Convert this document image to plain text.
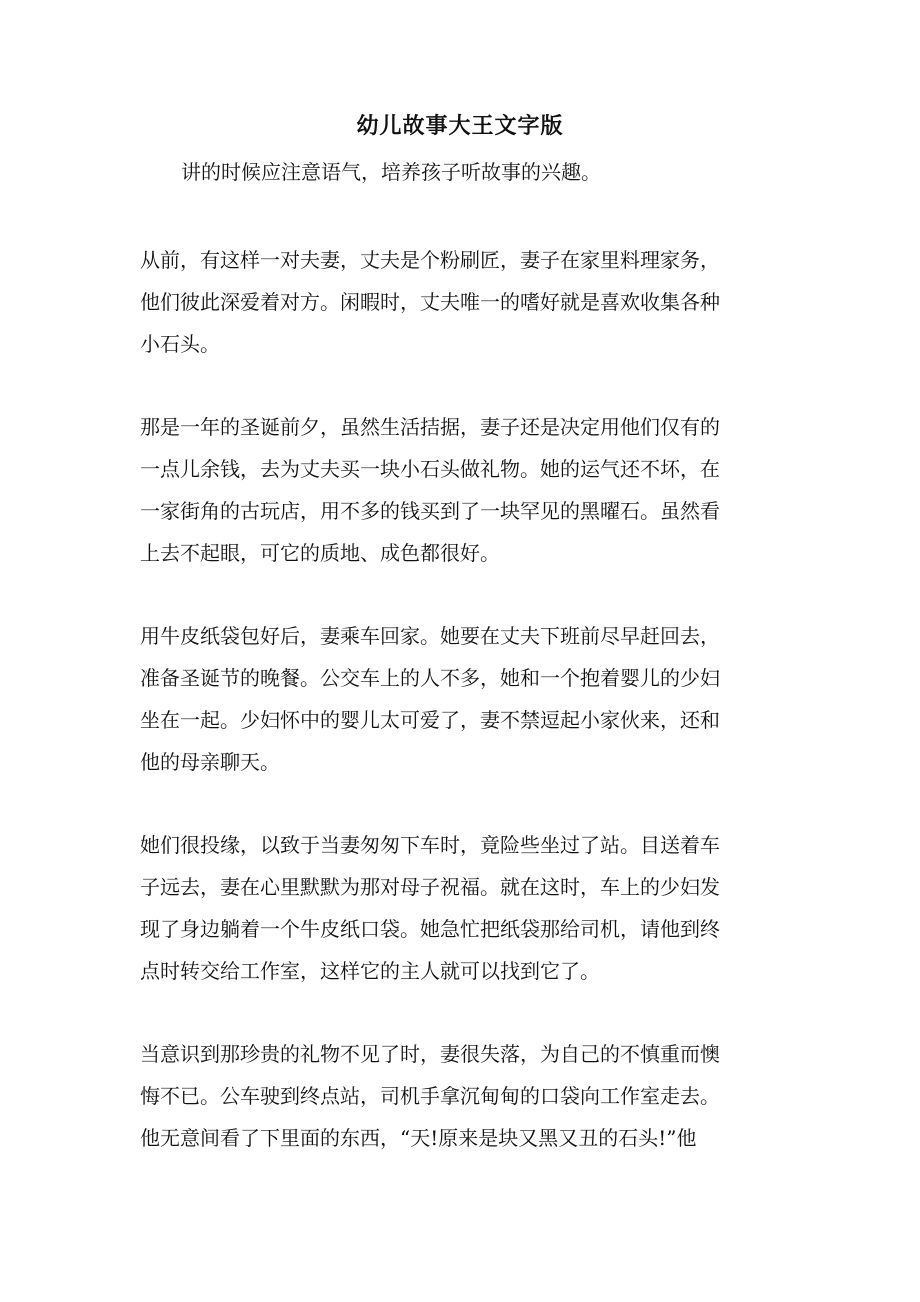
幼儿故事大王文字版
讲的时候应注意语气，培养孩子听故事的兴趣。
从前，有这样一对夫妻，丈夫是个粉刷匠，妻子在家里料理家务，
他们彼此深爱着对方。闲暇时，丈夫唯一的嗜好就是喜欢收集各种
小石头。
那是一年的圣诞前夕，虽然生活拮据，妻子还是决定用他们仅有的
一点儿余钱，去为丈夫买一块小石头做礼物。她的运气还不坏，在
一家街角的古玩店，用不多的钱买到了一块罕见的黑曜石。虽然看
上去不起眼，可它的质地、成色都很好。
用牛皮纸袋包好后，妻乘车回家。她要在丈夫下班前尽早赶回去，
准备圣诞节的晚餐。公交车上的人不多，她和一个抱着婴儿的少妇
坐在一起。少妇怀中的婴儿太可爱了，妻不禁逗起小家伙来，还和
他的母亲聊天。
她们很投缘，以致于当妻匆匆下车时，竟险些坐过了站。目送着车
子远去，妻在心里默默为那对母子祝福。就在这时，车上的少妇发
现了身边躺着一个牛皮纸口袋。她急忙把纸袋那给司机，请他到终
点时转交给工作室，这样它的主人就可以找到它了。
当意识到那珍贵的礼物不见了时，妻很失落，为自己的不慎重而懊
悔不已。公车驶到终点站，司机手拿沉甸甸的口袋向工作室走去。
他无意间看了下里面的东西，“天!原来是块又黑又丑的石头!”他
